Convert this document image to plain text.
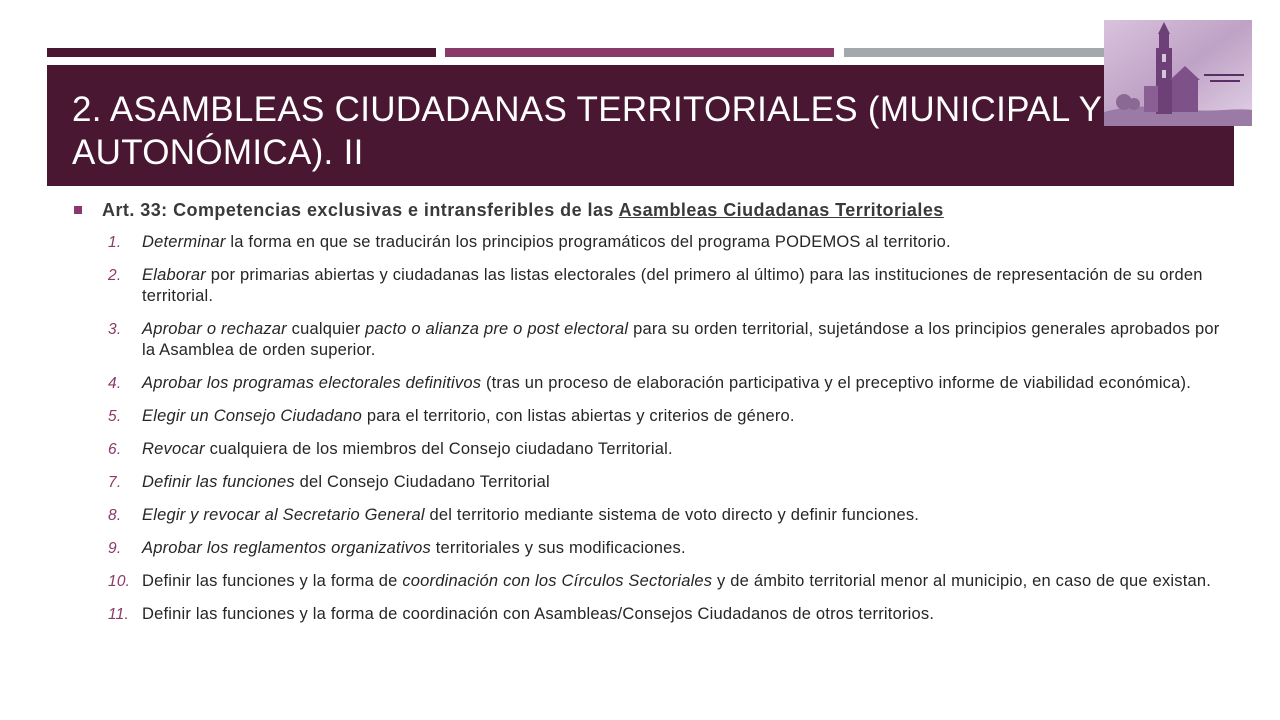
2. ASAMBLEAS CIUDADANAS TERRITORIALES (MUNICIPAL Y AUTONÓMICA). II

Art. 33: Competencias exclusivas e intransferibles de las Asambleas Ciudadanas Territoriales

1.	Determinar la forma en que se traducirán los principios programáticos del programa PODEMOS al territorio.
2.	Elaborar por primarias abiertas y ciudadanas las listas electorales (del primero al último) para las instituciones de representación de su orden territorial.
3.	Aprobar o rechazar cualquier pacto o alianza pre o post electoral para su orden territorial, sujetándose a los principios generales aprobados por la Asamblea de orden superior.
4.	Aprobar los programas electorales definitivos (tras un proceso de elaboración participativa y el preceptivo informe de viabilidad económica).
5.	Elegir un Consejo Ciudadano para el territorio, con listas abiertas y criterios de género.
6.	Revocar cualquiera de los miembros del Consejo ciudadano Territorial.
7.	Definir las funciones del Consejo Ciudadano Territorial
8.	Elegir y revocar al Secretario General del territorio mediante sistema de voto directo y definir funciones.
9.	Aprobar los reglamentos organizativos territoriales y sus modificaciones.
10. Definir las funciones y la forma de coordinación con los Círculos Sectoriales y de ámbito territorial menor al municipio, en caso de que existan.
11. Definir las funciones y la forma de coordinación con Asambleas/Consejos Ciudadanos de otros territorios.
